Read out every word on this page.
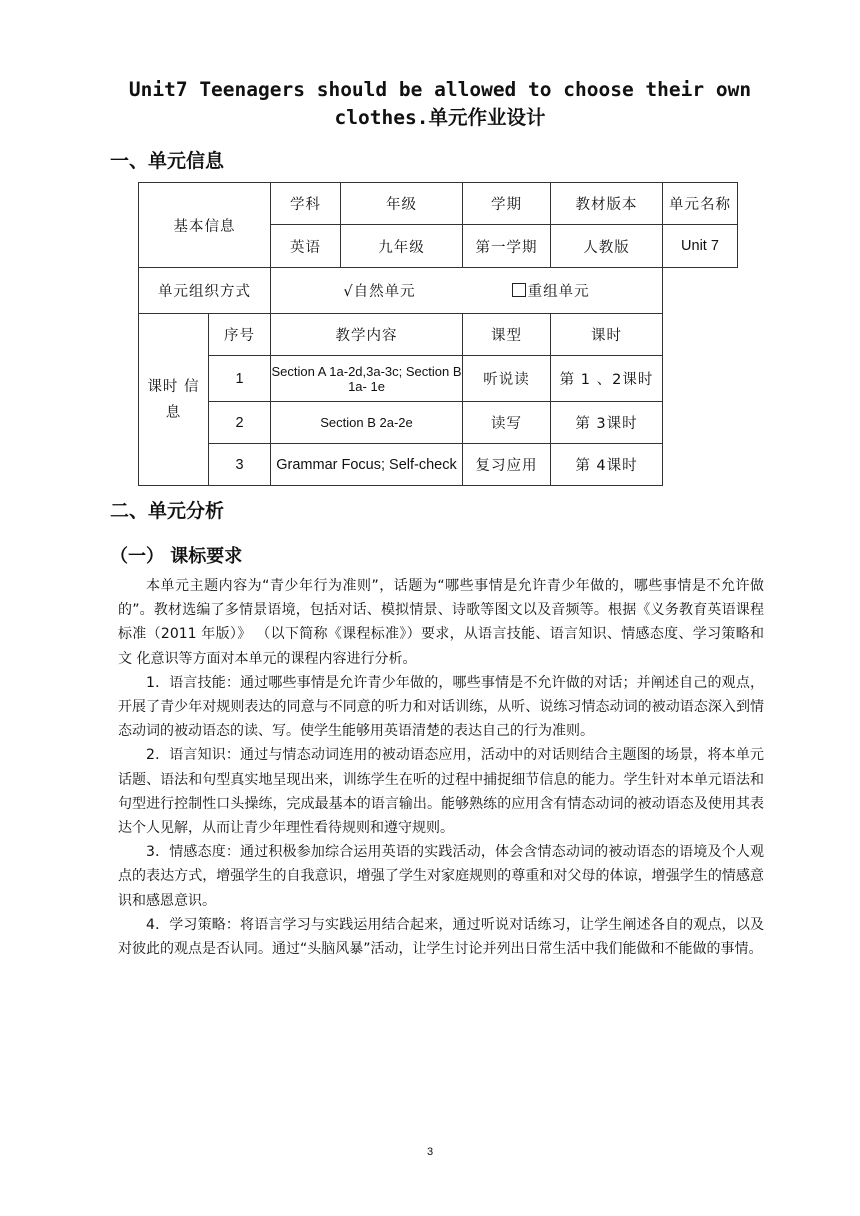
Unit7 Teenagers should be allowed to choose their own
clothes.单元作业设计
一、单元信息
基本信息		学科	年级	学期	教材版本	单元名称
		英语	九年级	第一学期	人教版	Unit 7
单元组织方式		√自然单元 重组单元				
课时 信息	序号	教学内容		课型	课时	
	1	Section A 1a-2d,3a-3c; Section B 1a- 1e		听说读	第 1 、2课时	
	2	Section B 2a-2e		读写	第 3课时	
	3	Grammar Focus; Self-check		复习应用	第 4课时	
二、单元分析
（一） 课标要求

本单元主题内容为“青少年行为准则”，话题为“哪些事情是允许青少年做的，哪些事情是不允许做的”。教材选编了多情景语境，包括对话、模拟情景、诗歌等图文以及音频等。根据《义务教育英语课程标准（2011 年版）》 （以下简称《课程标准》）要求，从语言技能、语言知识、情感态度、学习策略和文 化意识等方面对本单元的课程内容进行分析。

1．语言技能：通过哪些事情是允许青少年做的，哪些事情是不允许做的对话；并阐述自己的观点，开展了青少年对规则表达的同意与不同意的听力和对话训练，从听、说练习情态动词的被动语态深入到情态动词的被动语态的读、写。使学生能够用英语清楚的表达自己的行为准则。

2．语言知识：通过与情态动词连用的被动语态应用，活动中的对话则结合主题图的场景，将本单元话题、语法和句型真实地呈现出来，训练学生在听的过程中捕捉细节信息的能力。学生针对本单元语法和句型进行控制性口头操练，完成最基本的语言输出。能够熟练的应用含有情态动词的被动语态及使用其表达个人见解，从而让青少年理性看待规则和遵守规则。

3．情感态度：通过积极参加综合运用英语的实践活动，体会含情态动词的被动语态的语境及个人观点的表达方式，增强学生的自我意识，增强了学生对家庭规则的尊重和对父母的体谅，增强学生的情感意识和感恩意识。

4．学习策略：将语言学习与实践运用结合起来，通过听说对话练习，让学生阐述各自的观点，以及对彼此的观点是否认同。通过“头脑风暴”活动，让学生讨论并列出日常生活中我们能做和不能做的事情。

3
